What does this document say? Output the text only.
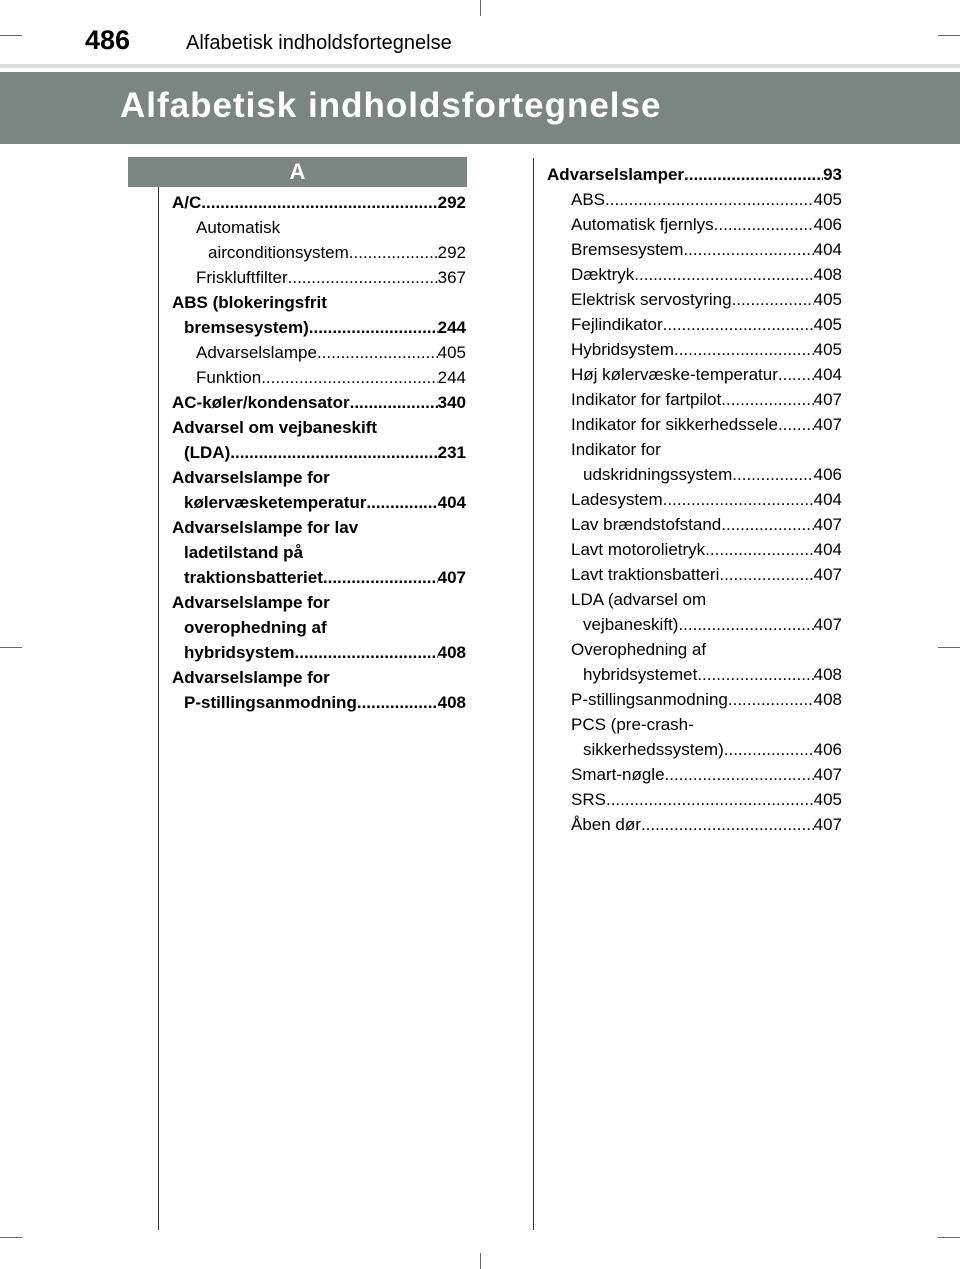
486	Alfabetisk indholdsfortegnelse
Alfabetisk indholdsfortegnelse
A
A/C .....	292
Automatisk
airconditionsystem .....	292
Friskluftfilter .....	367
ABS (blokeringsfrit
bremsesystem) .....	244
Advarselslampe .....	405
Funktion .....	244
AC-køler/kondensator .....	340
Advarsel om vejbaneskift
(LDA) .....	231
Advarselslampe for
kølervæsketemperatur .....	404
Advarselslampe for lav
ladetilstand på
traktionsbatteriet .....	407
Advarselslampe for
overophedning af
hybridsystem .....	408
Advarselslampe for
P-stillingsanmodning .....	408
Advarselslamper .....	93
ABS .....	405
Automatisk fjernlys .....	406
Bremsesystem .....	404
Dæktryk .....	408
Elektrisk servostyring .....	405
Fejlindikator .....	405
Hybridsystem .....	405
Høj kølervæske-temperatur ..... 404
Indikator for fartpilot .....	407
Indikator for sikkerhedssele ..... 407
Indikator for
udskridningssystem .....	406
Ladesystem .....	404
Lav brændstofstand .....	407
Lavt motorolietryk .....	404
Lavt traktionsbatteri .....	407
LDA (advarsel om
vejbaneskift) .....	407
Overophedning af
hybridsystemet .....	408
P-stillingsanmodning .....	408
PCS (pre-crash-
sikkerhedssystem) .....	406
Smart-nøgle .....	407
SRS .....	405
Åben dør .....	407
